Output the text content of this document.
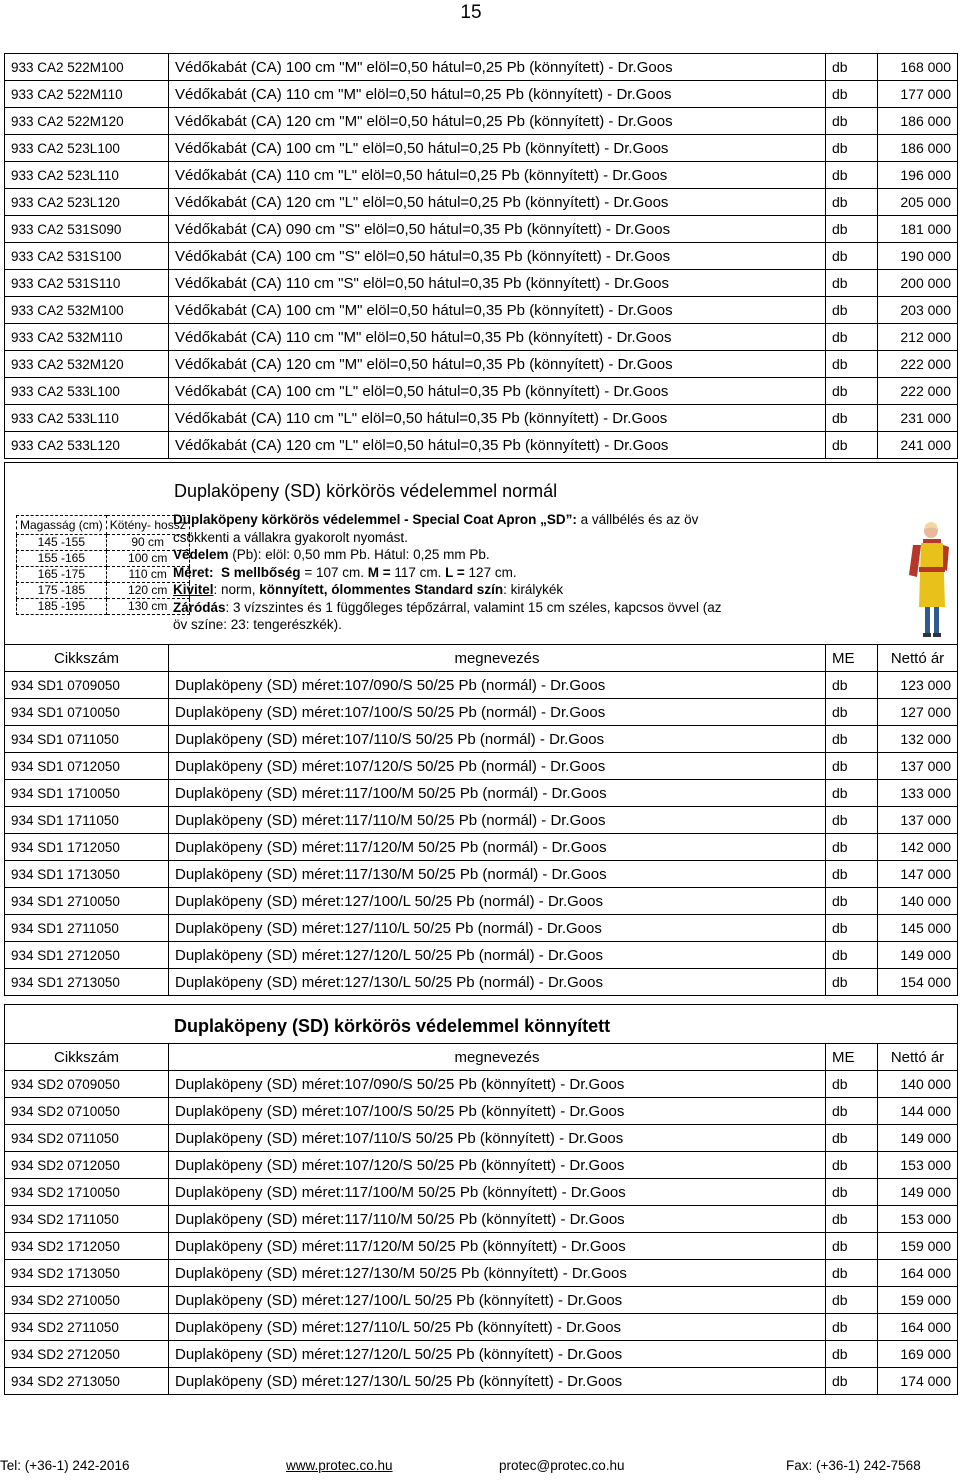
15
933 CA2 522M100	Védőkabát (CA) 100 cm "M" elöl=0,50 hátul=0,25 Pb (könnyített) - Dr.Goos	db	168 000
933 CA2 522M110	Védőkabát (CA) 110 cm "M" elöl=0,50 hátul=0,25 Pb (könnyített) - Dr.Goos	db	177 000
933 CA2 522M120	Védőkabát (CA) 120 cm "M" elöl=0,50 hátul=0,25 Pb (könnyített) - Dr.Goos	db	186 000
933 CA2 523L100	Védőkabát (CA) 100 cm "L" elöl=0,50 hátul=0,25 Pb (könnyített) - Dr.Goos	db	186 000
933 CA2 523L110	Védőkabát (CA) 110 cm "L" elöl=0,50 hátul=0,25 Pb (könnyített) - Dr.Goos	db	196 000
933 CA2 523L120	Védőkabát (CA) 120 cm "L" elöl=0,50 hátul=0,25 Pb (könnyített) - Dr.Goos	db	205 000
933 CA2 531S090	Védőkabát (CA) 090 cm "S" elöl=0,50 hátul=0,35 Pb (könnyített) - Dr.Goos	db	181 000
933 CA2 531S100	Védőkabát (CA) 100 cm "S" elöl=0,50 hátul=0,35 Pb (könnyített) - Dr.Goos	db	190 000
933 CA2 531S110	Védőkabát (CA) 110 cm "S" elöl=0,50 hátul=0,35 Pb (könnyített) - Dr.Goos	db	200 000
933 CA2 532M100	Védőkabát (CA) 100 cm "M" elöl=0,50 hátul=0,35 Pb (könnyített) - Dr.Goos	db	203 000
933 CA2 532M110	Védőkabát (CA) 110 cm "M" elöl=0,50 hátul=0,35 Pb (könnyített) - Dr.Goos	db	212 000
933 CA2 532M120	Védőkabát (CA) 120 cm "M" elöl=0,50 hátul=0,35 Pb (könnyített) - Dr.Goos	db	222 000
933 CA2 533L100	Védőkabát (CA) 100 cm "L" elöl=0,50 hátul=0,35 Pb (könnyített) - Dr.Goos	db	222 000
933 CA2 533L110	Védőkabát (CA) 110 cm "L" elöl=0,50 hátul=0,35 Pb (könnyített) - Dr.Goos	db	231 000
933 CA2 533L120	Védőkabát (CA) 120 cm "L" elöl=0,50 hátul=0,35 Pb (könnyített) - Dr.Goos	db	241 000
Duplaköpeny (SD) körkörös védelemmel normál
Magasság (cm)	Kötény- hossz
145 -155	90 cm
155 -165	100 cm
165 -175	110 cm
175 -185	120 cm
185 -195	130 cm
Duplaköpeny körkörös védelemmel - Special Coat Apron „SD”: a vállbélés és az öv
csökkenti a vállakra gyakorolt nyomást.
Védelem (Pb): elöl: 0,50 mm Pb. Hátul: 0,25 mm Pb.
Méret: S mellbőség = 107 cm. M = 117 cm. L = 127 cm.
Kivitel: norm, könnyített, ólommentes Standard szín: királykék
Záródás: 3 vízszintes és 1 függőleges tépőzárral, valamint 15 cm széles, kapcsos övvel (az
öv színe: 23: tengerészkék).
Cikkszám	megnevezés	ME	Nettó ár
934 SD1 0709050	Duplaköpeny (SD) méret:107/090/S 50/25 Pb (normál) - Dr.Goos	db	123 000
934 SD1 0710050	Duplaköpeny (SD) méret:107/100/S 50/25 Pb (normál) - Dr.Goos	db	127 000
934 SD1 0711050	Duplaköpeny (SD) méret:107/110/S 50/25 Pb (normál) - Dr.Goos	db	132 000
934 SD1 0712050	Duplaköpeny (SD) méret:107/120/S 50/25 Pb (normál) - Dr.Goos	db	137 000
934 SD1 1710050	Duplaköpeny (SD) méret:117/100/M 50/25 Pb (normál) - Dr.Goos	db	133 000
934 SD1 1711050	Duplaköpeny (SD) méret:117/110/M 50/25 Pb (normál) - Dr.Goos	db	137 000
934 SD1 1712050	Duplaköpeny (SD) méret:117/120/M 50/25 Pb (normál) - Dr.Goos	db	142 000
934 SD1 1713050	Duplaköpeny (SD) méret:117/130/M 50/25 Pb (normál) - Dr.Goos	db	147 000
934 SD1 2710050	Duplaköpeny (SD) méret:127/100/L 50/25 Pb (normál) - Dr.Goos	db	140 000
934 SD1 2711050	Duplaköpeny (SD) méret:127/110/L 50/25 Pb (normál) - Dr.Goos	db	145 000
934 SD1 2712050	Duplaköpeny (SD) méret:127/120/L 50/25 Pb (normál) - Dr.Goos	db	149 000
934 SD1 2713050	Duplaköpeny (SD) méret:127/130/L 50/25 Pb (normál) - Dr.Goos	db	154 000
Duplaköpeny (SD) körkörös védelemmel könnyített
Cikkszám	megnevezés	ME	Nettó ár
934 SD2 0709050	Duplaköpeny (SD) méret:107/090/S 50/25 Pb (könnyített) - Dr.Goos	db	140 000
934 SD2 0710050	Duplaköpeny (SD) méret:107/100/S 50/25 Pb (könnyített) - Dr.Goos	db	144 000
934 SD2 0711050	Duplaköpeny (SD) méret:107/110/S 50/25 Pb (könnyített) - Dr.Goos	db	149 000
934 SD2 0712050	Duplaköpeny (SD) méret:107/120/S 50/25 Pb (könnyített) - Dr.Goos	db	153 000
934 SD2 1710050	Duplaköpeny (SD) méret:117/100/M 50/25 Pb (könnyített) - Dr.Goos	db	149 000
934 SD2 1711050	Duplaköpeny (SD) méret:117/110/M 50/25 Pb (könnyített) - Dr.Goos	db	153 000
934 SD2 1712050	Duplaköpeny (SD) méret:117/120/M 50/25 Pb (könnyített) - Dr.Goos	db	159 000
934 SD2 1713050	Duplaköpeny (SD) méret:127/130/M 50/25 Pb (könnyített) - Dr.Goos	db	164 000
934 SD2 2710050	Duplaköpeny (SD) méret:127/100/L 50/25 Pb (könnyített) - Dr.Goos	db	159 000
934 SD2 2711050	Duplaköpeny (SD) méret:127/110/L 50/25 Pb (könnyített) - Dr.Goos	db	164 000
934 SD2 2712050	Duplaköpeny (SD) méret:127/120/L 50/25 Pb (könnyített) - Dr.Goos	db	169 000
934 SD2 2713050	Duplaköpeny (SD) méret:127/130/L 50/25 Pb (könnyített) - Dr.Goos	db	174 000
Tel: (+36-1) 242-2016	www.protec.co.hu	protec@protec.co.hu	Fax: (+36-1) 242-7568
